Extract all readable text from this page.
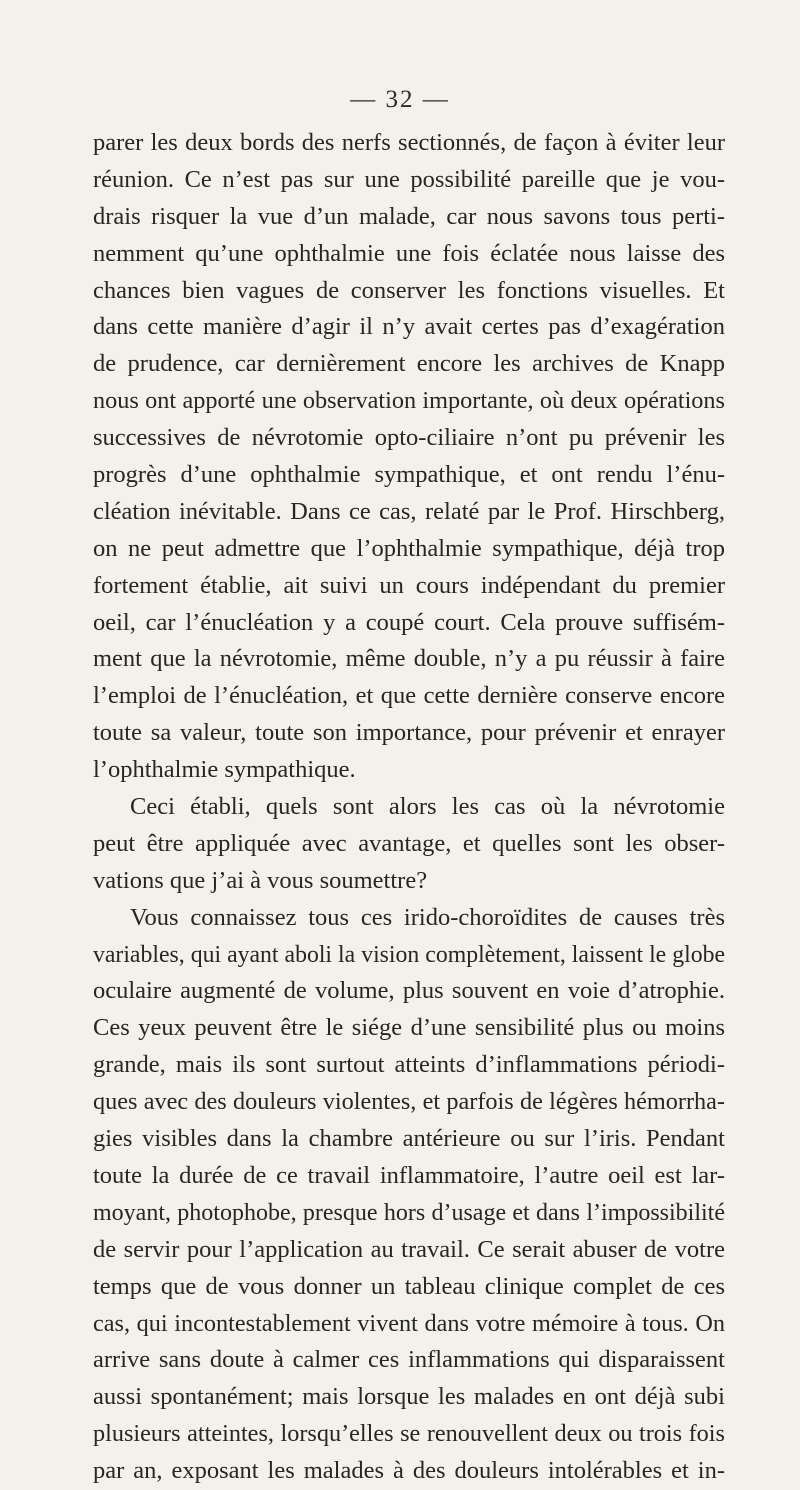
— 32 —
parer les deux bords des nerfs sectionnés, de façon à éviter leur
réunion. Ce n’est pas sur une possibilité pareille que je vou-
drais risquer la vue d’un malade, car nous savons tous perti-
nemment qu’une ophthalmie une fois éclatée nous laisse des
chances bien vagues de conserver les fonctions visuelles. Et
dans cette manière d’agir il n’y avait certes pas d’exagération
de prudence, car dernièrement encore les archives de Knapp
nous ont apporté une observation importante, où deux opérations
successives de névrotomie opto-ciliaire n’ont pu prévenir les
progrès d’une ophthalmie sympathique, et ont rendu l’énu-
cléation inévitable. Dans ce cas, relaté par le Prof. Hirschberg,
on ne peut admettre que l’ophthalmie sympathique, déjà trop
fortement établie, ait suivi un cours indépendant du premier
oeil, car l’énucléation y a coupé court. Cela prouve suffisém-
ment que la névrotomie, même double, n’y a pu réussir à faire
l’emploi de l’énucléation, et que cette dernière conserve encore
toute sa valeur, toute son importance, pour prévenir et enrayer
l’ophthalmie sympathique.
Ceci établi, quels sont alors les cas où la névrotomie
peut être appliquée avec avantage, et quelles sont les obser-
vations que j’ai à vous soumettre?
Vous connaissez tous ces irido-choroïdites de causes très
variables, qui ayant aboli la vision complètement, laissent le globe
oculaire augmenté de volume, plus souvent en voie d’atrophie.
Ces yeux peuvent être le siége d’une sensibilité plus ou moins
grande, mais ils sont surtout atteints d’inflammations périodi-
ques avec des douleurs violentes, et parfois de légères hémorrha-
gies visibles dans la chambre antérieure ou sur l’iris. Pendant
toute la durée de ce travail inflammatoire, l’autre oeil est lar-
moyant, photophobe, presque hors d’usage et dans l’impossibilité
de servir pour l’application au travail. Ce serait abuser de votre
temps que de vous donner un tableau clinique complet de ces
cas, qui incontestablement vivent dans votre mémoire à tous. On
arrive sans doute à calmer ces inflammations qui disparaissent
aussi spontanément; mais lorsque les malades en ont déjà subi
plusieurs atteintes, lorsqu’elles se renouvellent deux ou trois fois
par an, exposant les malades à des douleurs intolérables et in-
